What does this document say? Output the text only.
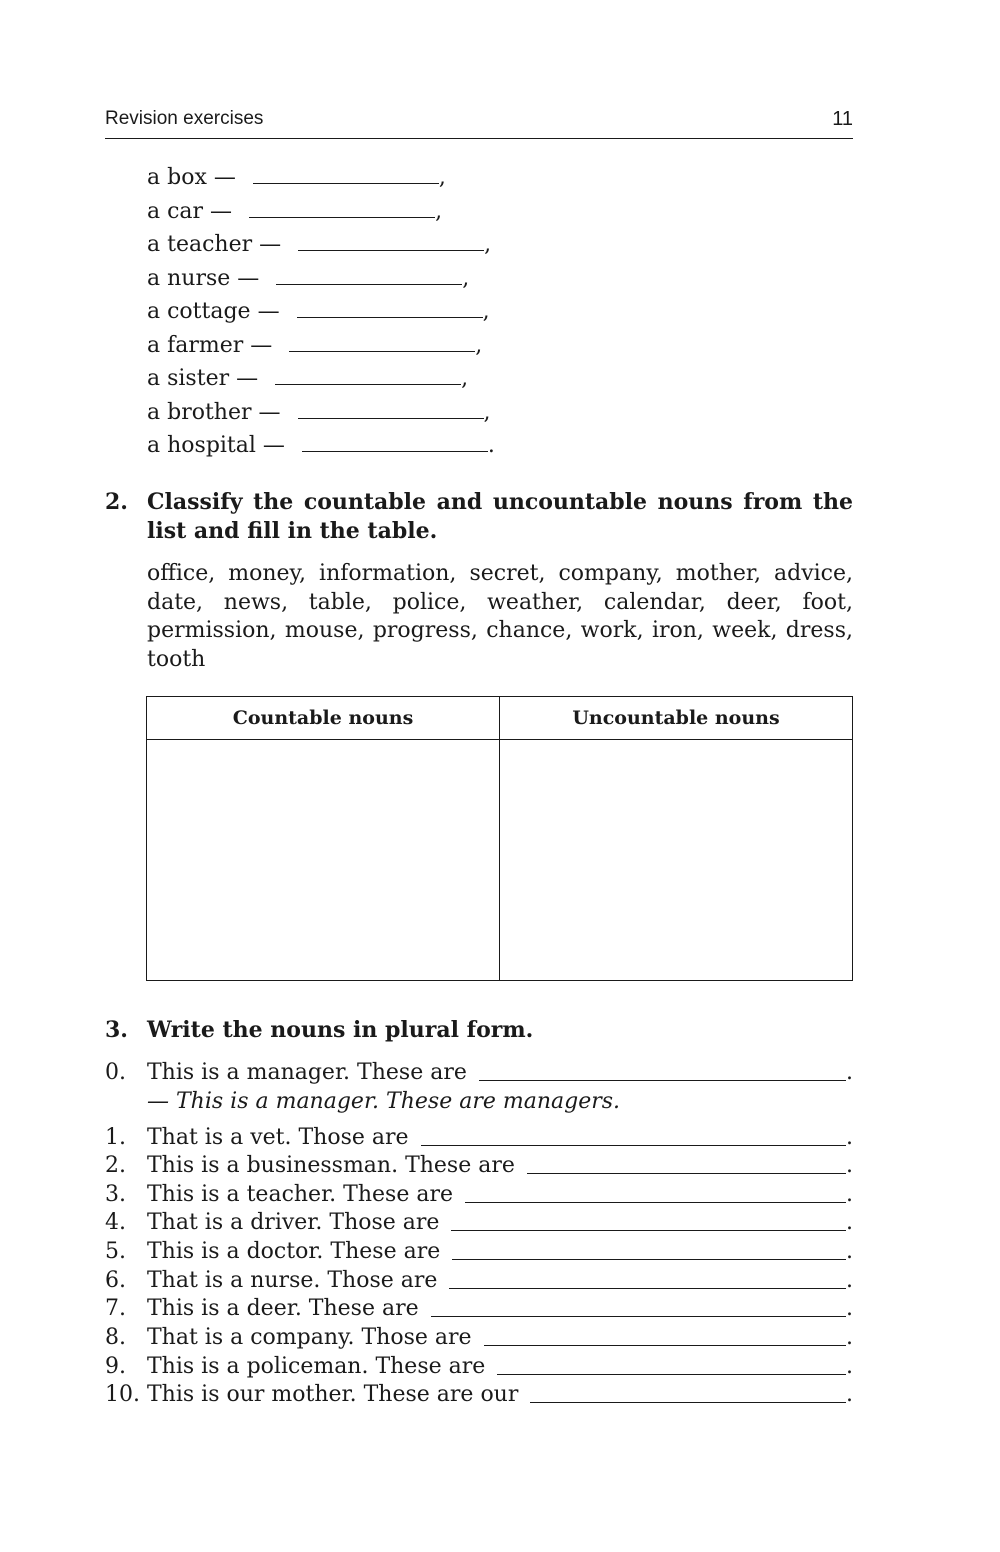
Revision exercises	11
a box —	,
a car —	,
a teacher —	,
a nurse —	,
a cottage —	,
a farmer —	,
a sister —	,
a brother —	,
a hospital —	.
2. Classify the countable and uncountable nouns from the list and fill in the table.
office, money, information, secret, company, mother, advice, date, news, table, police, weather, calendar, deer, foot, permission, mouse, progress, chance, work, iron, week, dress, tooth
Countable nouns	Uncountable nouns

3. Write the nouns in plural form.
0. This is a manager. These are	.
— This is a manager. These are managers.
1. That is a vet. Those are	.
2. This is a businessman. These are	.
3. This is a teacher. These are	.
4. That is a driver. Those are	.
5. This is a doctor. These are	.
6. That is a nurse. Those are	.
7. This is a deer. These are	.
8. That is a company. Those are	.
9. This is a policeman. These are	.
10. This is our mother. These are our	.
